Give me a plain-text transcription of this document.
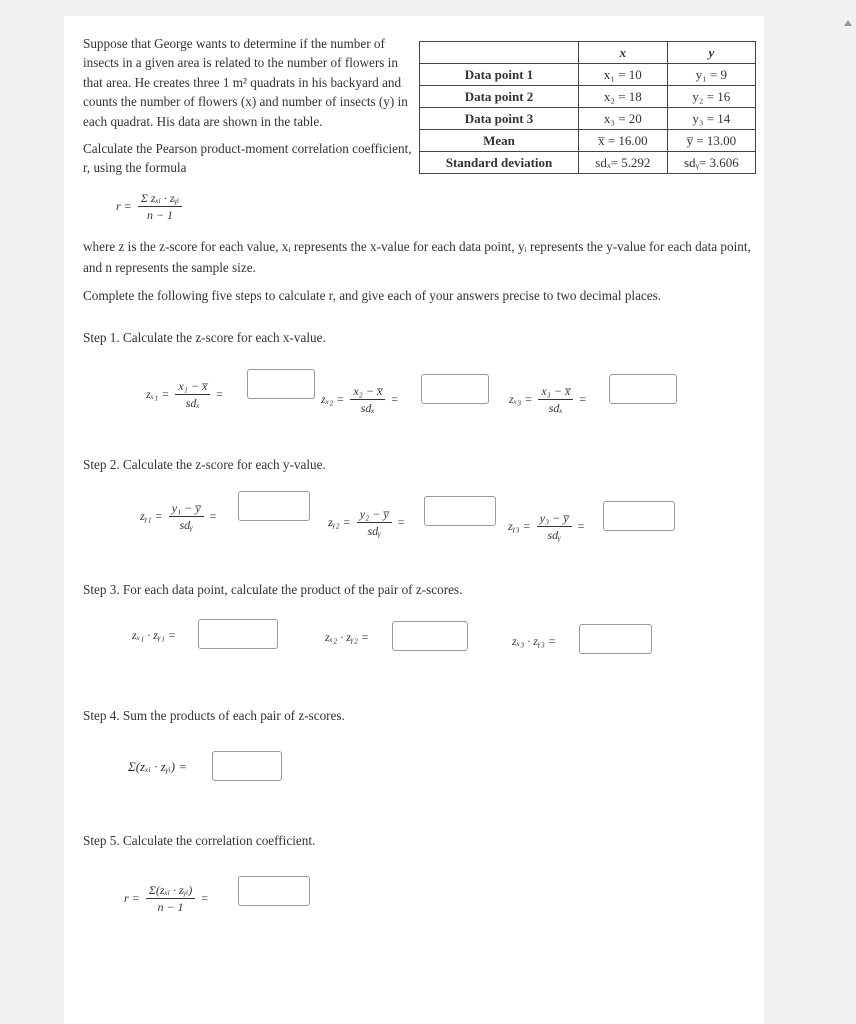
Suppose that George wants to determine if the number of insects in a given area is related to the number of flowers in that area. He creates three 1 m² quadrats in his backyard and counts the number of flowers (x) and number of insects (y) in each quadrat. His data are shown in the table.

Calculate the Pearson product-moment correlation coefficient, r, using the formula

	x	y
Data point 1	x₁ = 10	y₁ = 9
Data point 2	x₂ = 18	y₂ = 16
Data point 3	x₃ = 20	y₃ = 14
Mean	x̅ = 16.00	y̅ = 13.00
Standard deviation	sdₓ= 5.292	sdᵧ= 3.606
$r = \frac{\text{Σ zₓᵢ · zᵧᵢ}}{n - 1}$
where z is the z-score for each value, xᵢ represents the x-value for each data point, yᵢ represents the y-value for each data point, and n represents the sample size.
Complete the following five steps to calculate r, and give each of your answers precise to two decimal places.
Step 1. Calculate the z-score for each x-value.
$z_{x1} = \frac{\text{x₁ − x̅}}{\text{sdₓ}}$ =	$z_{x2} = \frac{\text{x₂ − x̅}}{\text{sdₓ}}$ =	$z_{x3} = \frac{\text{x₃ − x̅}}{\text{sdₓ}}$ =
Step 2. Calculate the z-score for each y-value.
zᵧ₁ = $\frac{\text{y₁ − y̅}}{\text{sdᵧ}}$ =	zᵧ₂ = $\frac{\text{y₂ − y̅}}{\text{sdᵧ}}$ =	zᵧ₃ = $\frac{\text{y₃ − y̅}}{\text{sdᵧ}}$ =
Step 3. For each data point, calculate the product of the pair of z-scores.
zₓ₁ · zᵧ₁ =	zₓ₂ · zᵧ₂ =	zₓ₃ · zᵧ₃ =
Step 4. Sum the products of each pair of z-scores.
Σ(zₓᵢ · zᵧᵢ) =
Step 5. Calculate the correlation coefficient.
$r = \frac{\text{Σ(zₓᵢ · zᵧᵢ)}}{n - 1}$ =
